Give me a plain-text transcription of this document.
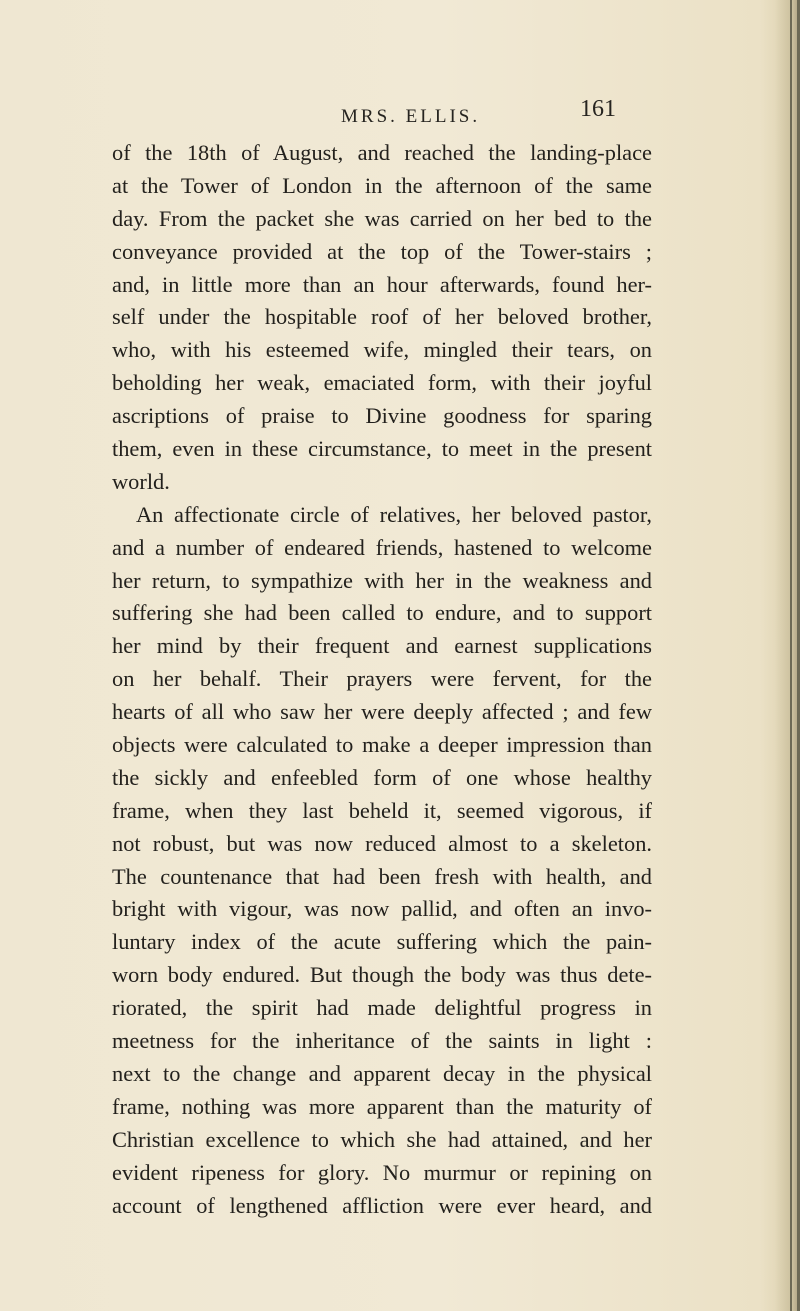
MRS. ELLIS.	161
of the 18th of August, and reached the landing-place
at the Tower of London in the afternoon of the same
day. From the packet she was carried on her bed to the
conveyance provided at the top of the Tower-stairs ;
and, in little more than an hour afterwards, found her-
self under the hospitable roof of her beloved brother,
who, with his esteemed wife, mingled their tears, on
beholding her weak, emaciated form, with their joyful
ascriptions of praise to Divine goodness for sparing
them, even in these circumstance, to meet in the present
world.
An affectionate circle of relatives, her beloved pastor,
and a number of endeared friends, hastened to welcome
her return, to sympathize with her in the weakness and
suffering she had been called to endure, and to support
her mind by their frequent and earnest supplications
on her behalf. Their prayers were fervent, for the
hearts of all who saw her were deeply affected ; and few
objects were calculated to make a deeper impression than
the sickly and enfeebled form of one whose healthy
frame, when they last beheld it, seemed vigorous, if
not robust, but was now reduced almost to a skeleton.
The countenance that had been fresh with health, and
bright with vigour, was now pallid, and often an invo-
luntary index of the acute suffering which the pain-
worn body endured. But though the body was thus dete-
riorated, the spirit had made delightful progress in
meetness for the inheritance of the saints in light :
next to the change and apparent decay in the physical
frame, nothing was more apparent than the maturity of
Christian excellence to which she had attained, and her
evident ripeness for glory. No murmur or repining on
account of lengthened affliction were ever heard, and
